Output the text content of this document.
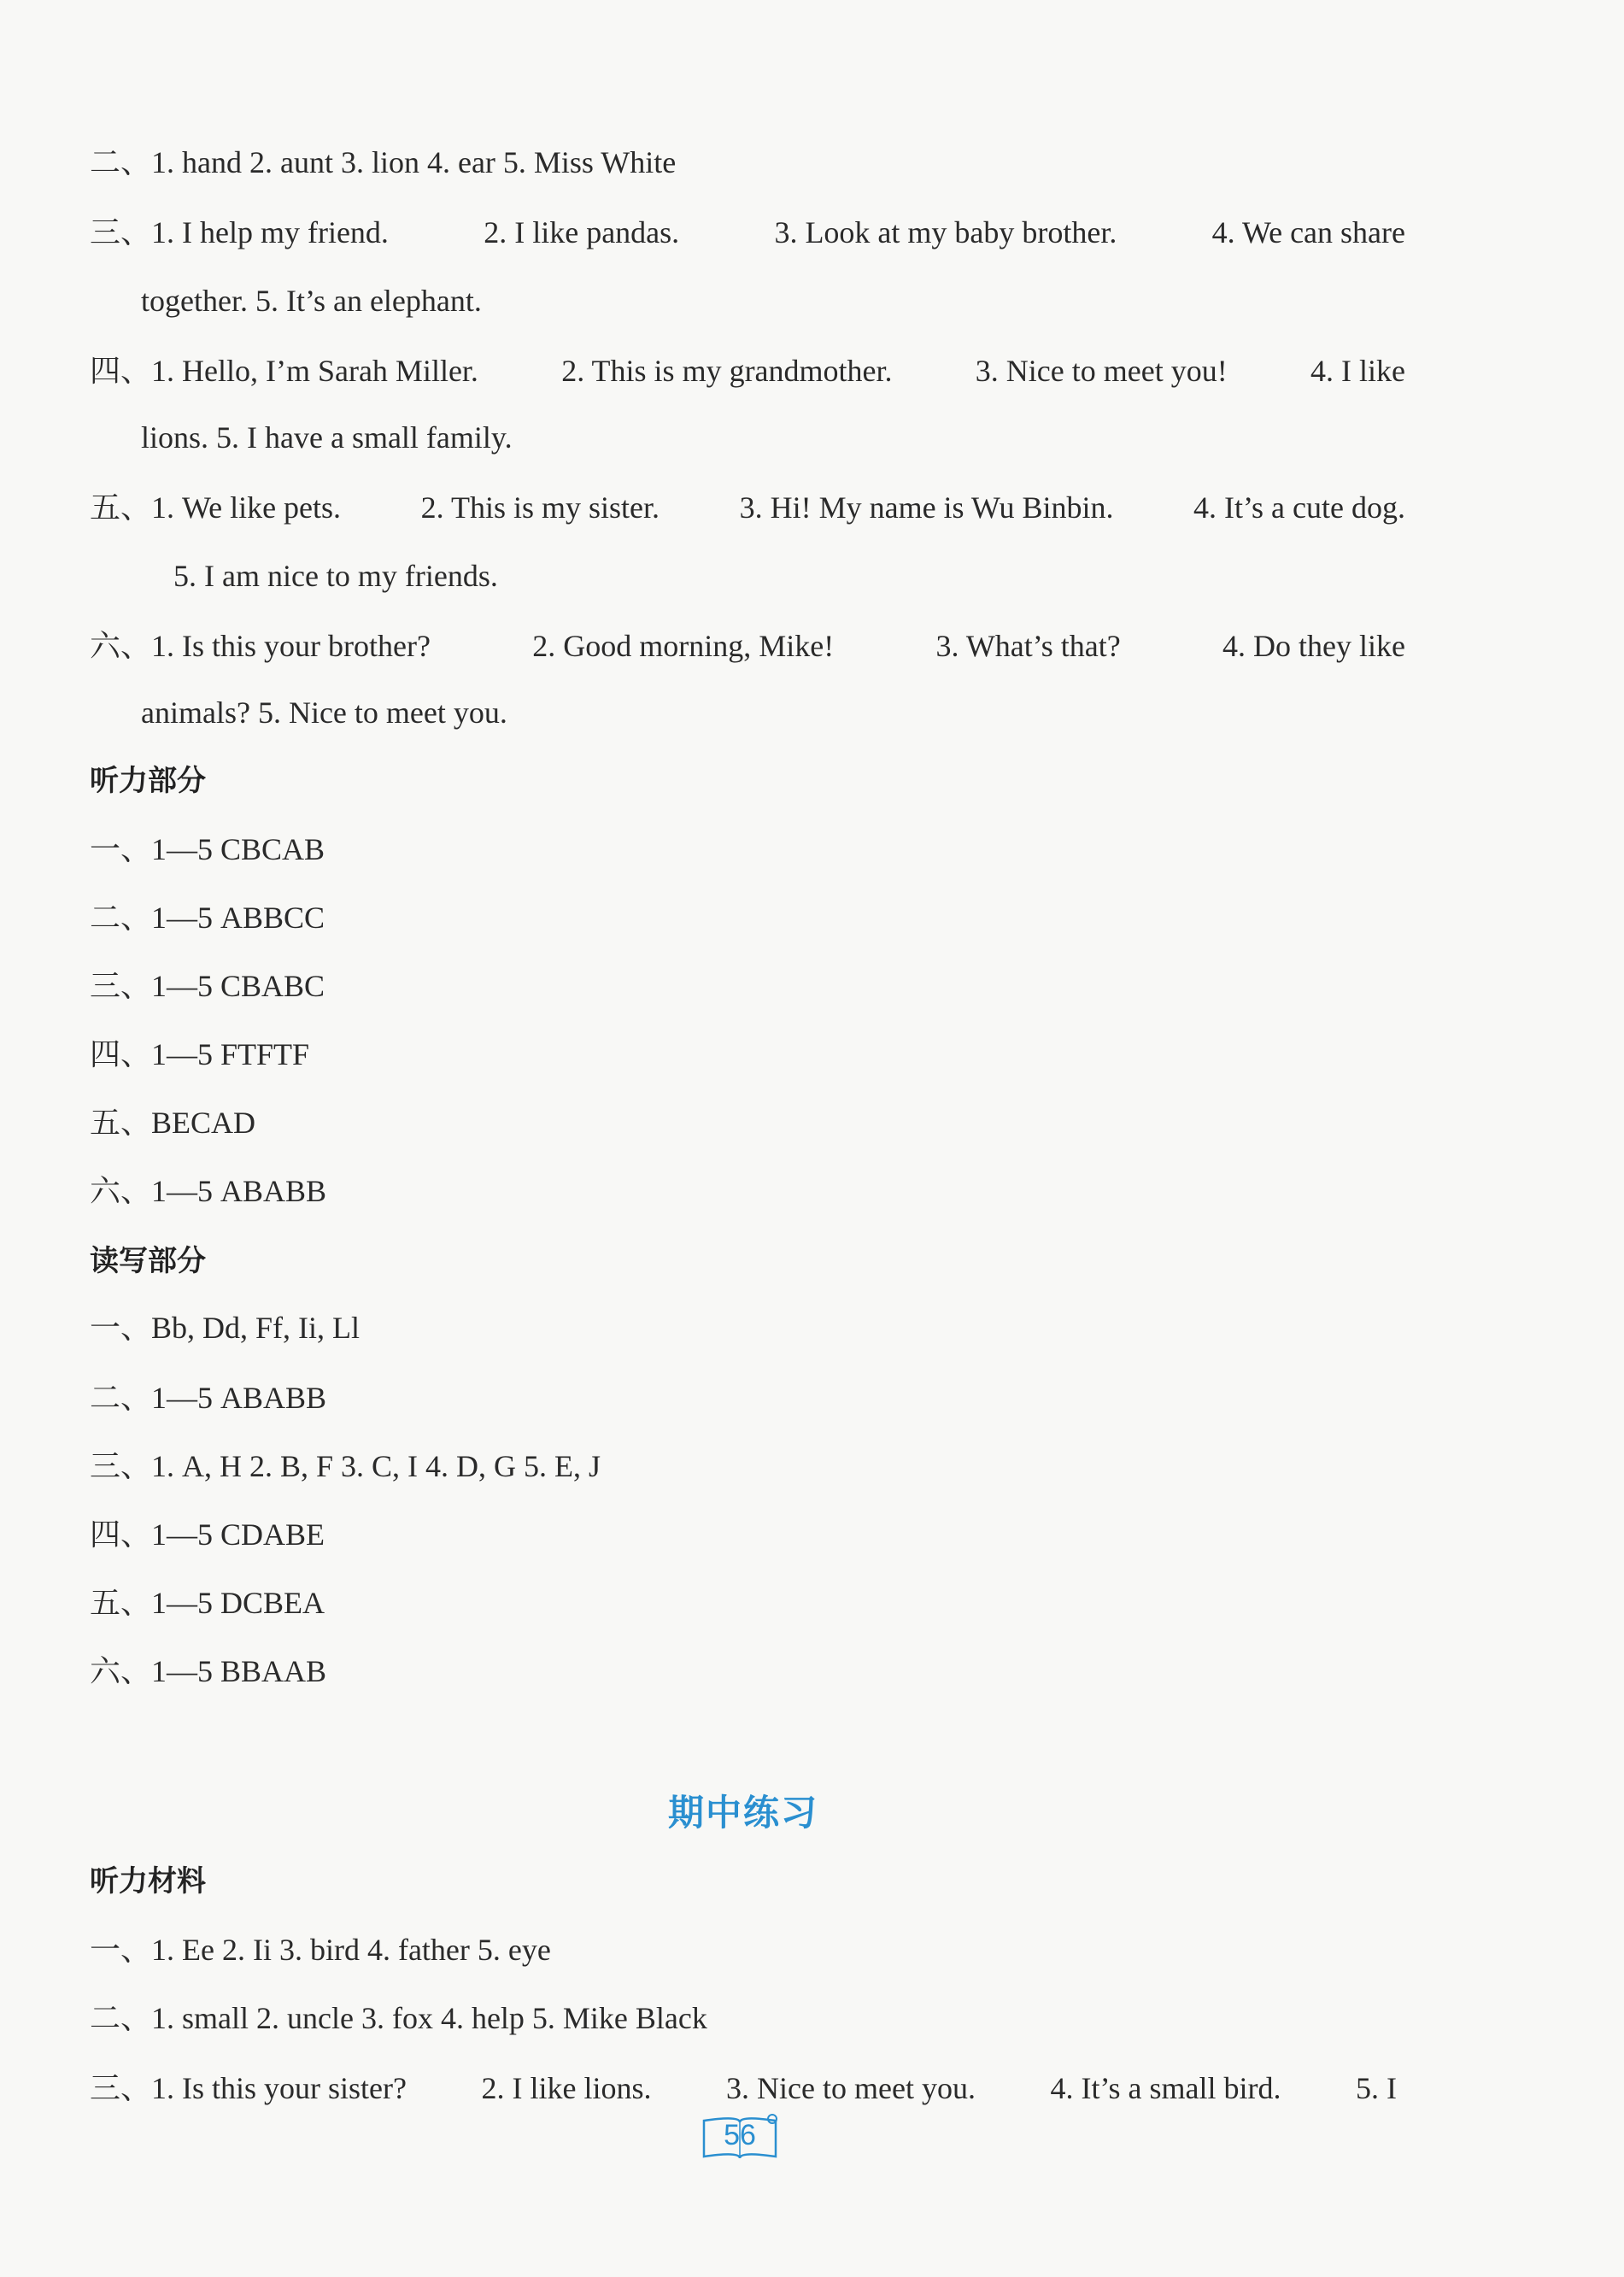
二、1. hand 2. aunt 3. lion 4. ear 5. Miss White
三、1. I help my friend.	2. I like pandas.	3. Look at my baby brother.	4. We can share
together. 5. It’s an elephant.
四、1. Hello, I’m Sarah Miller.	2. This is my grandmother.	3. Nice to meet you!	4. I like
lions. 5. I have a small family.
五、1. We like pets.	2. This is my sister.	3. Hi! My name is Wu Binbin.	4. It’s a cute dog.
5. I am nice to my friends.
六、1. Is this your brother?	2. Good morning, Mike!	3. What’s that?	4. Do they like
animals? 5. Nice to meet you.
听力部分
一、1—5 CBCAB
二、1—5 ABBCC
三、1—5 CBABC
四、1—5 FTFTF
五、BECAD
六、1—5 ABABB
读写部分
一、Bb, Dd, Ff, Ii, Ll
二、1—5 ABABB
三、1. A, H 2. B, F 3. C, I 4. D, G 5. E, J
四、1—5 CDABE
五、1—5 DCBEA
六、1—5 BBAAB
期中练习
听力材料
一、1. Ee 2. Ii 3. bird 4. father 5. eye
二、1. small 2. uncle 3. fox 4. help 5. Mike Black
三、1. Is this your sister? 2. I like lions. 3. Nice to meet you. 4. It’s a small bird. 5. I
56
